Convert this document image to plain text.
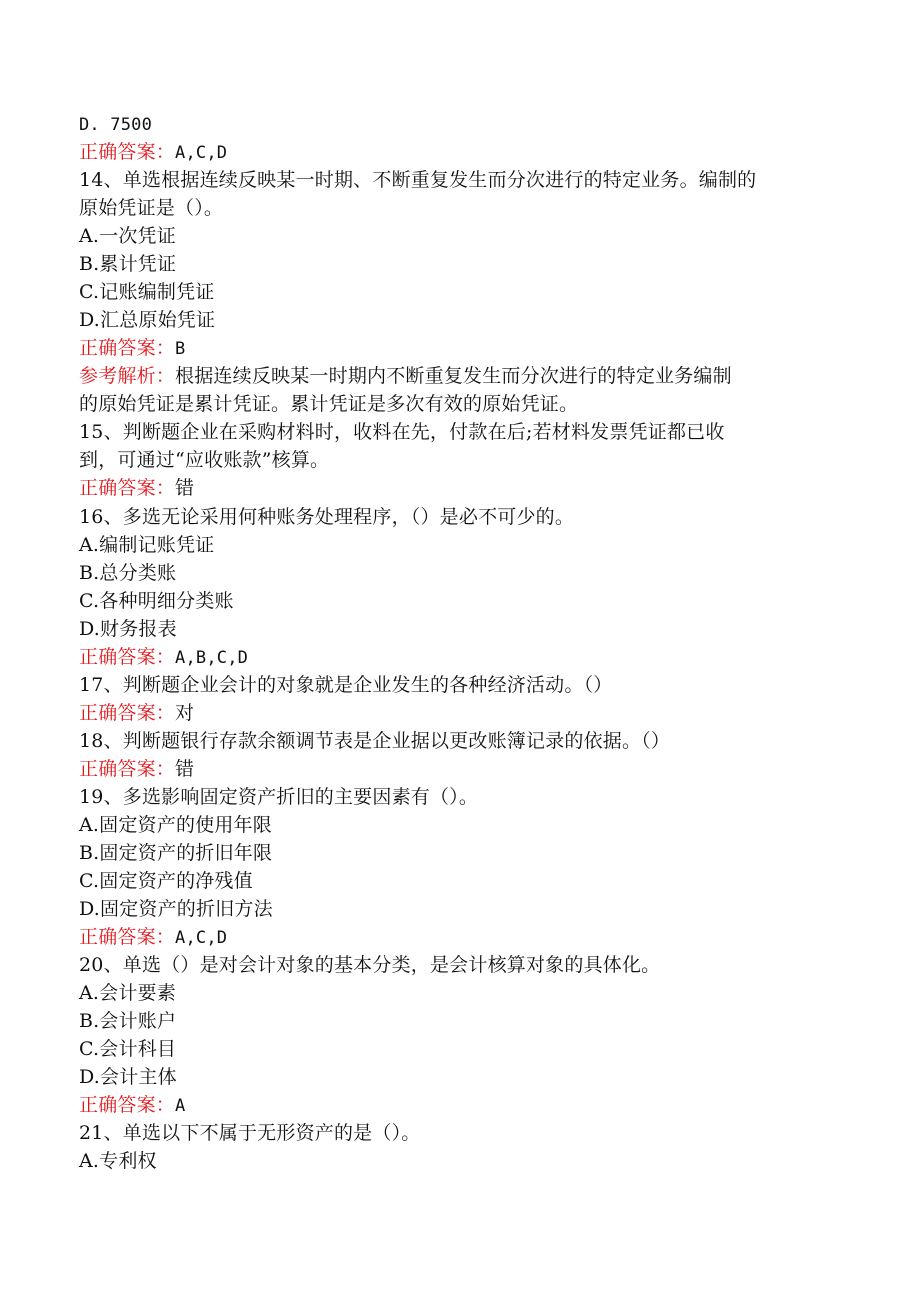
D. 7500
正确答案：A,C,D
14、单选根据连续反映某一时期、不断重复发生而分次进行的特定业务。编制的
原始凭证是（）。
A.一次凭证
B.累计凭证
C.记账编制凭证
D.汇总原始凭证
正确答案：B
参考解析：根据连续反映某一时期内不断重复发生而分次进行的特定业务编制
的原始凭证是累计凭证。累计凭证是多次有效的原始凭证。
15、判断题企业在采购材料时，收料在先，付款在后;若材料发票凭证都已收
到，可通过“应收账款”核算。
正确答案：错
16、多选无论采用何种账务处理程序，（）是必不可少的。
A.编制记账凭证
B.总分类账
C.各种明细分类账
D.财务报表
正确答案：A,B,C,D
17、判断题企业会计的对象就是企业发生的各种经济活动。（）
正确答案：对
18、判断题银行存款余额调节表是企业据以更改账簿记录的依据。（）
正确答案：错
19、多选影响固定资产折旧的主要因素有（）。
A.固定资产的使用年限
B.固定资产的折旧年限
C.固定资产的净残值
D.固定资产的折旧方法
正确答案：A,C,D
20、单选（）是对会计对象的基本分类，是会计核算对象的具体化。
A.会计要素
B.会计账户
C.会计科目
D.会计主体
正确答案：A
21、单选以下不属于无形资产的是（）。
A.专利权
